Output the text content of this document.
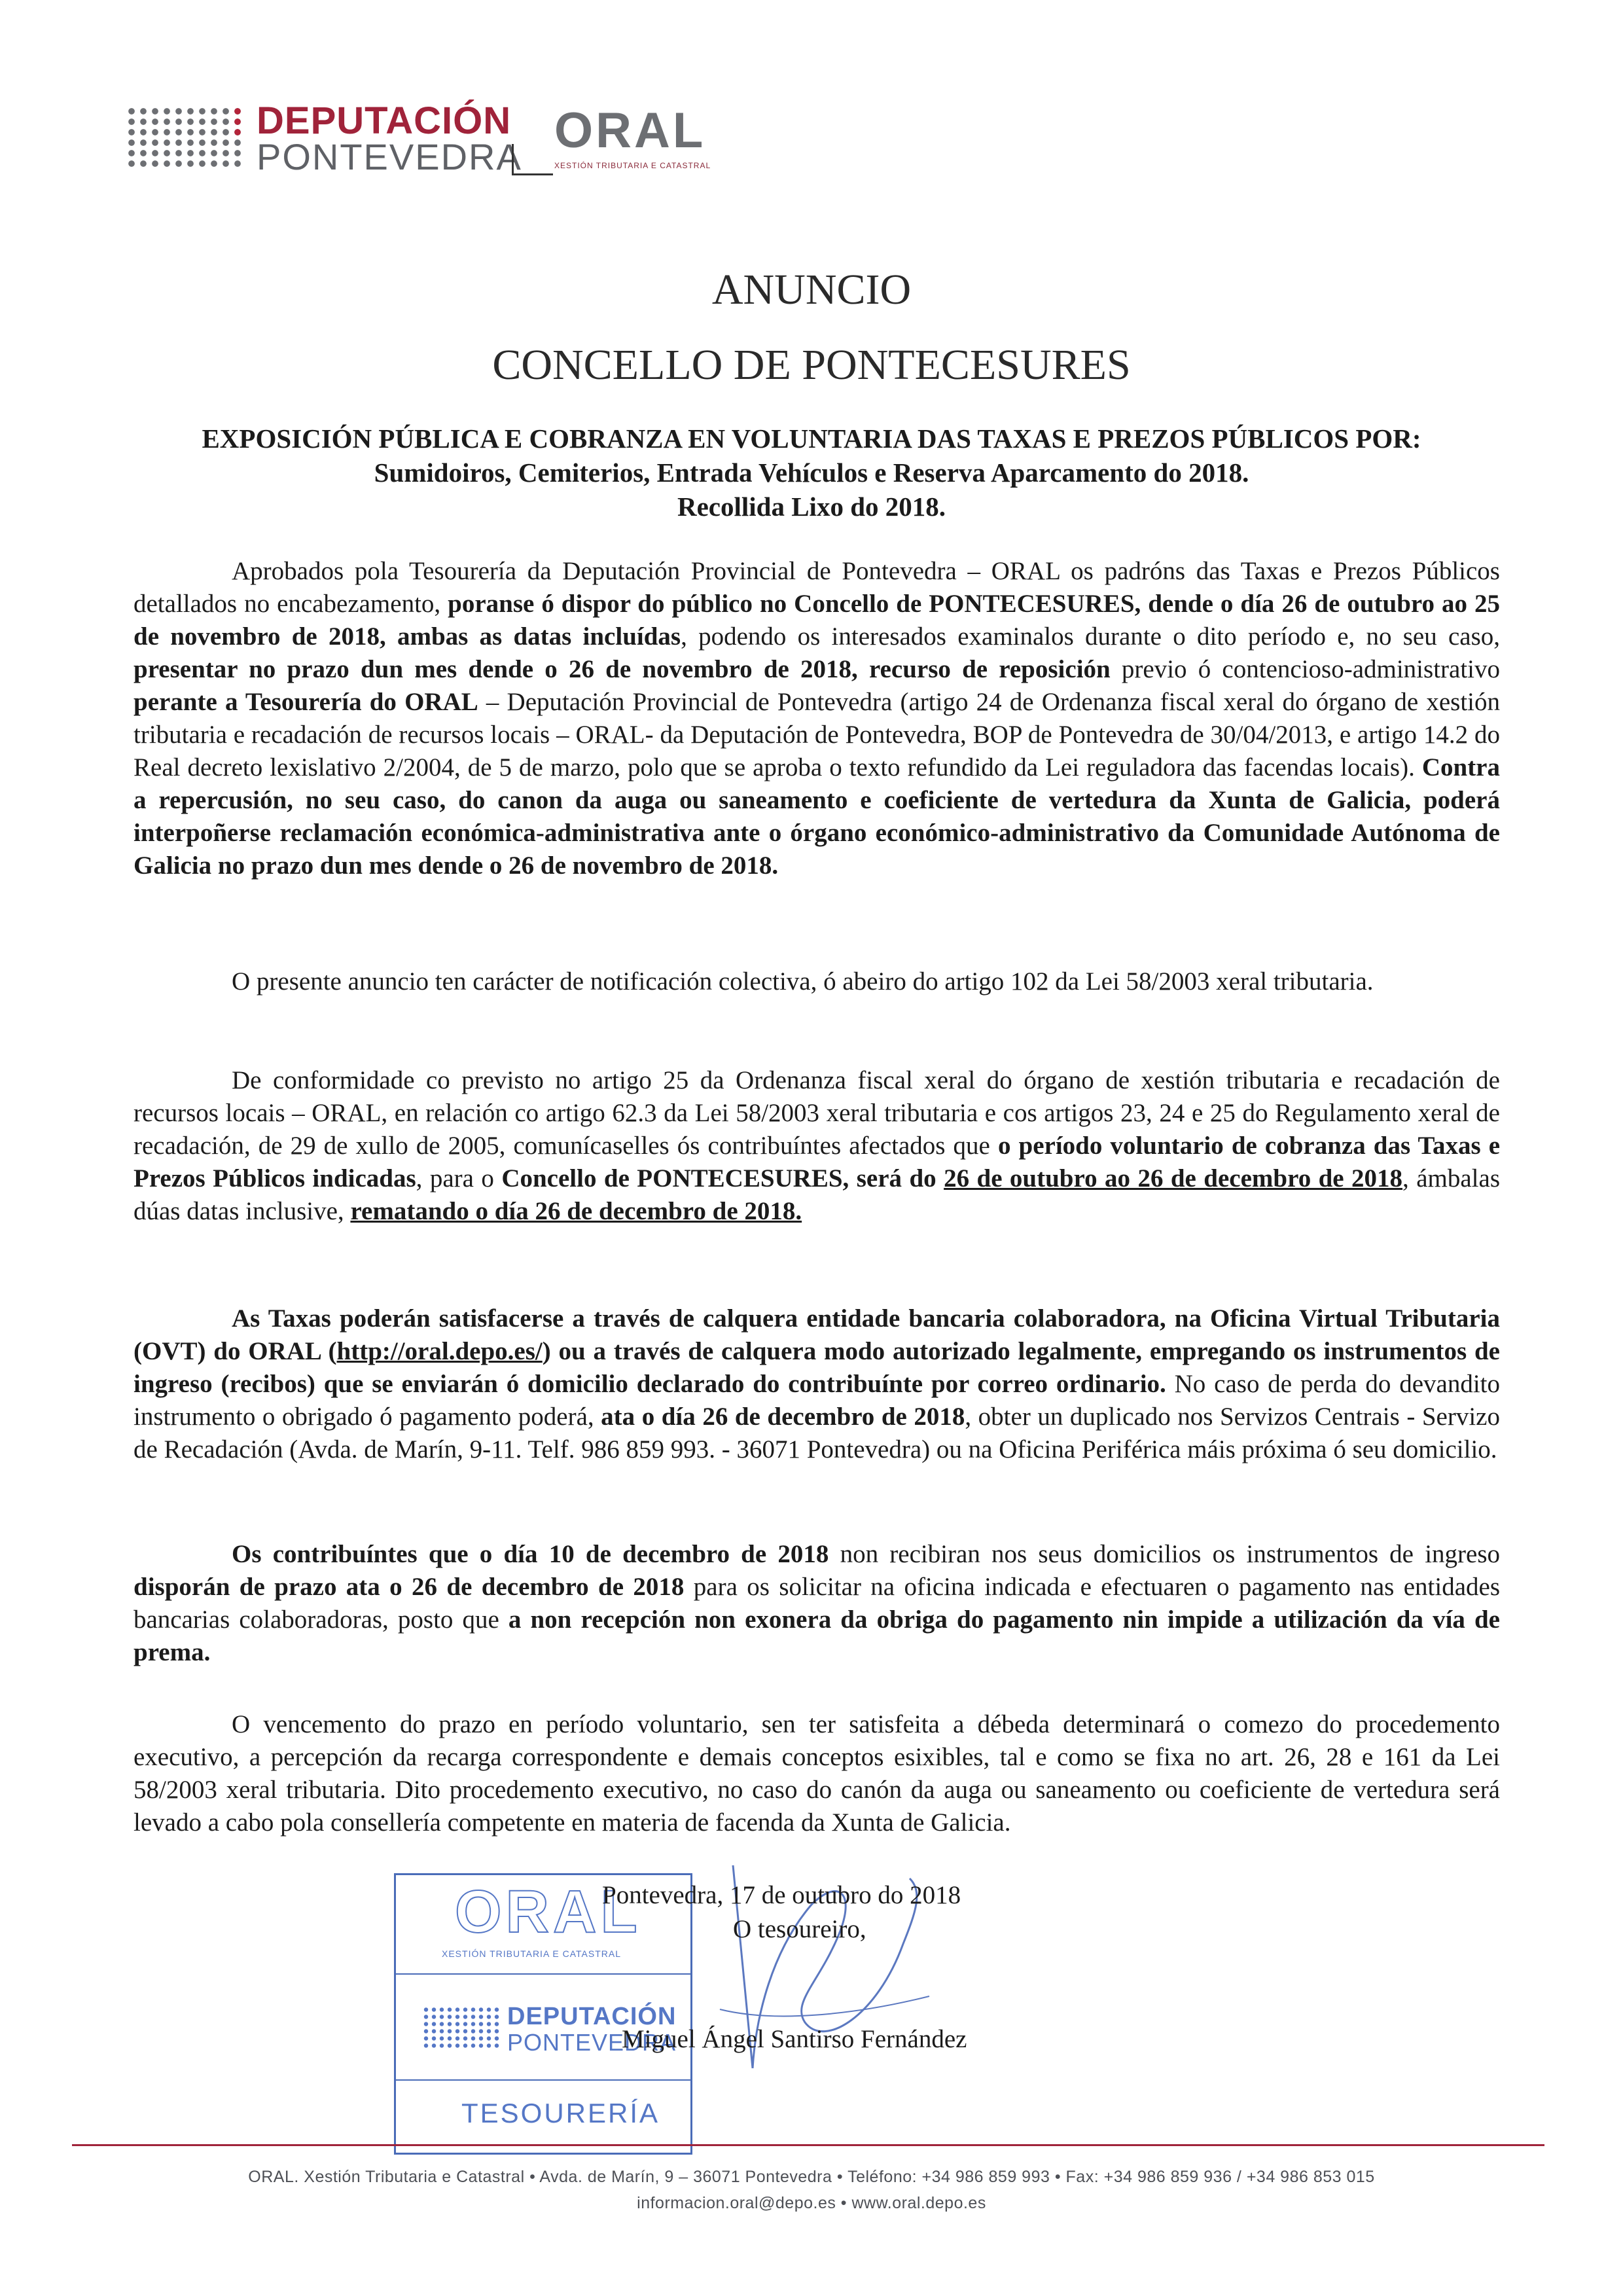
DEPUTACIÓN
PONTEVEDRA ORAL
XESTIÓN TRIBUTARIA E CATASTRAL
ANUNCIO
CONCELLO DE PONTECESURES
EXPOSICIÓN PÚBLICA E COBRANZA EN VOLUNTARIA DAS TAXAS E PREZOS PÚBLICOS POR:
Sumidoiros, Cemiterios, Entrada Vehículos e Reserva Aparcamento do 2018.
Recollida Lixo do 2018.

Aprobados pola Tesourería da Deputación Provincial de Pontevedra – ORAL os padróns das Taxas e Prezos Públicos detallados no encabezamento, poranse ó dispor do público no Concello de PONTECESURES, dende o día 26 de outubro ao 25 de novembro de 2018, ambas as datas incluídas, podendo os interesados examinalos durante o dito período e, no seu caso, presentar no prazo dun mes dende o 26 de novembro de 2018, recurso de reposición previo ó contencioso-administrativo perante a Tesourería do ORAL – Deputación Provincial de Pontevedra (artigo 24 de Ordenanza fiscal xeral do órgano de xestión tributaria e recadación de recursos locais – ORAL- da Deputación de Pontevedra, BOP de Pontevedra de 30/04/2013, e artigo 14.2 do Real decreto lexislativo 2/2004, de 5 de marzo, polo que se aproba o texto refundido da Lei reguladora das facendas locais). Contra a repercusión, no seu caso, do canon da auga ou saneamento e coeficiente de vertedura da Xunta de Galicia, poderá interpoñerse reclamación económica-administrativa ante o órgano económico-administrativo da Comunidade Autónoma de Galicia no prazo dun mes dende o 26 de novembro de 2018.

O presente anuncio ten carácter de notificación colectiva, ó abeiro do artigo 102 da Lei 58/2003 xeral tributaria.

De conformidade co previsto no artigo 25 da Ordenanza fiscal xeral do órgano de xestión tributaria e recadación de recursos locais – ORAL, en relación co artigo 62.3 da Lei 58/2003 xeral tributaria e cos artigos 23, 24 e 25 do Regulamento xeral de recadación, de 29 de xullo de 2005, comunícaselles ós contribuíntes afectados que o período voluntario de cobranza das Taxas e Prezos Públicos indicadas, para o Concello de PONTECESURES, será do 26 de outubro ao 26 de decembro de 2018, ámbalas dúas datas inclusive, rematando o día 26 de decembro de 2018.

As Taxas poderán satisfacerse a través de calquera entidade bancaria colaboradora, na Oficina Virtual Tributaria (OVT) do ORAL (http://oral.depo.es/) ou a través de calquera modo autorizado legalmente, empregando os instrumentos de ingreso (recibos) que se enviarán ó domicilio declarado do contribuínte por correo ordinario. No caso de perda do devandito instrumento o obrigado ó pagamento poderá, ata o día 26 de decembro de 2018, obter un duplicado nos Servizos Centrais - Servizo de Recadación (Avda. de Marín, 9-11. Telf. 986 859 993. - 36071 Pontevedra) ou na Oficina Periférica máis próxima ó seu domicilio.

Os contribuíntes que o día 10 de decembro de 2018 non recibiran nos seus domicilios os instrumentos de ingreso disporán de prazo ata o 26 de decembro de 2018 para os solicitar na oficina indicada e efectuaren o pagamento nas entidades bancarias colaboradoras, posto que a non recepción non exonera da obriga do pagamento nin impide a utilización da vía de prema.

O vencemento do prazo en período voluntario, sen ter satisfeita a débeda determinará o comezo do procedemento executivo, a percepción da recarga correspondente e demais conceptos esixibles, tal e como se fixa no art. 26, 28 e 161 da Lei 58/2003 xeral tributaria. Dito procedemento executivo, no caso do canón da auga ou saneamento ou coeficiente de vertedura será levado a cabo pola consellería competente en materia de facenda da Xunta de Galicia.

ORAL
XESTIÓN TRIBUTARIA E CATASTRAL
DEPUTACIÓN
PONTEVEDRA
TESOURERÍA
Pontevedra, 17 de outubro do 2018
O tesoureiro,
Miguel Ángel Santirso Fernández
ORAL. Xestión Tributaria e Catastral • Avda. de Marín, 9 – 36071 Pontevedra • Teléfono: +34 986 859 993 • Fax: +34 986 859 936 / +34 986 853 015
informacion.oral@depo.es • www.oral.depo.es
